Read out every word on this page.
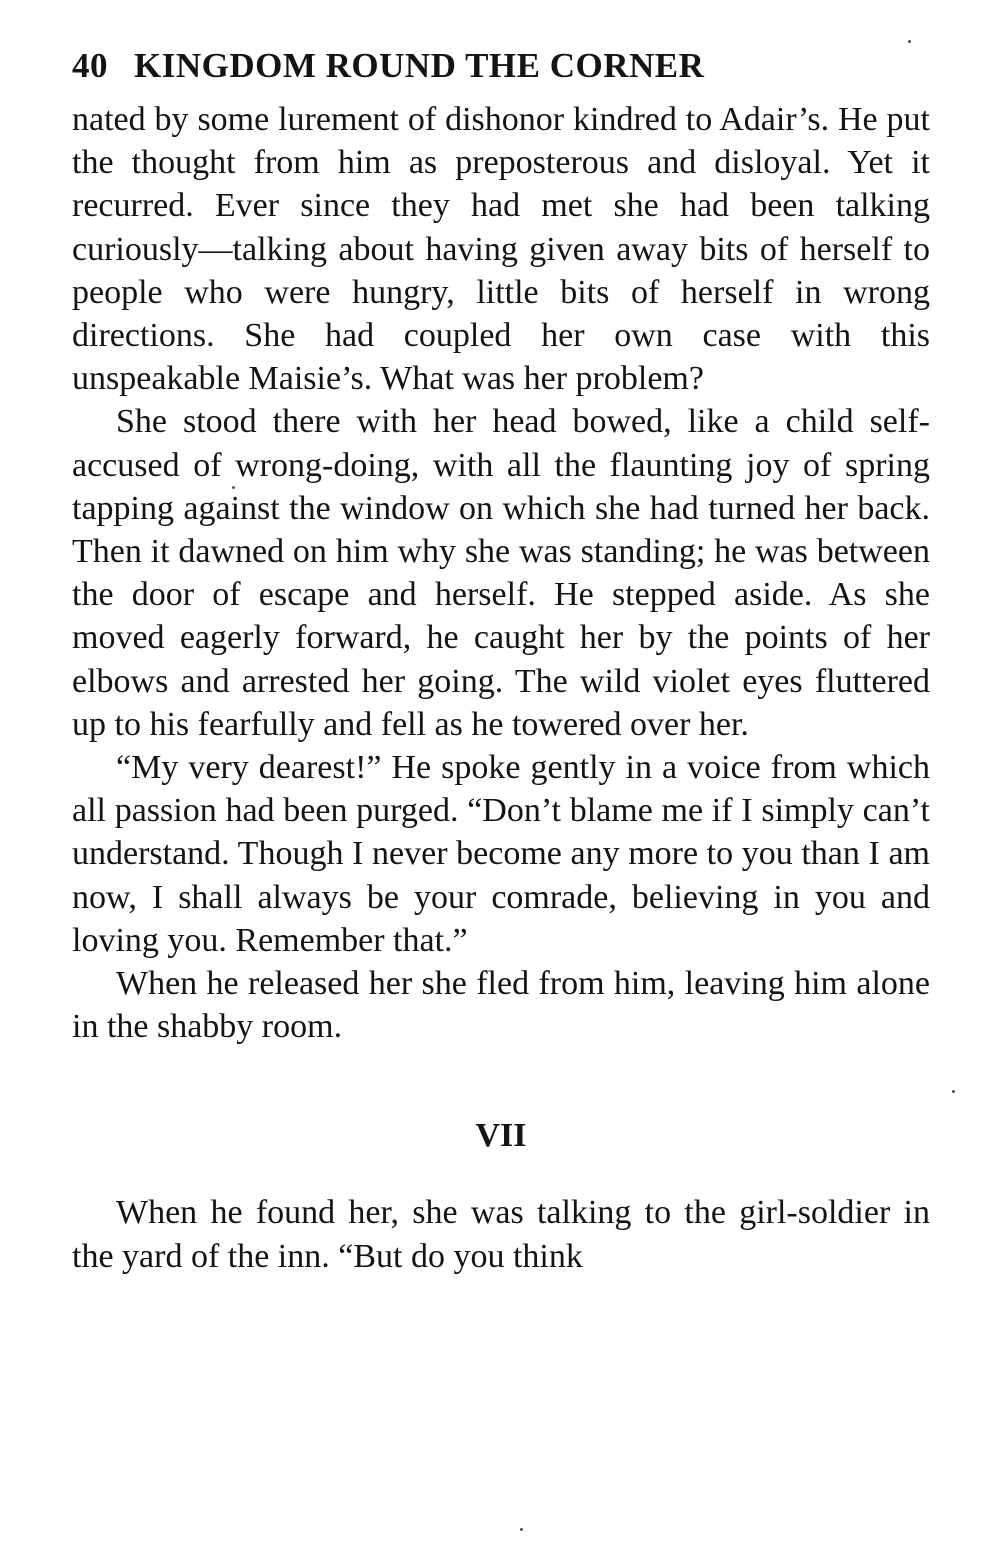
40 KINGDOM ROUND THE CORNER

nated by some lurement of dishonor kindred to Adair’s. He put the thought from him as preposterous and disloyal. Yet it recurred. Ever since they had met she had been talking curiously—talking about having given away bits of herself to people who were hungry, little bits of herself in wrong directions. She had coupled her own case with this unspeakable Maisie’s. What was her problem?

She stood there with her head bowed, like a child self-accused of wrong-doing, with all the flaunting joy of spring tapping against the window on which she had turned her back. Then it dawned on him why she was standing; he was between the door of escape and herself. He stepped aside. As she moved eagerly forward, he caught her by the points of her elbows and arrested her going. The wild violet eyes fluttered up to his fearfully and fell as he towered over her.

“My very dearest!” He spoke gently in a voice from which all passion had been purged. “Don’t blame me if I simply can’t understand. Though I never become any more to you than I am now, I shall always be your comrade, believing in you and loving you. Remember that.”

When he released her she fled from him, leaving him alone in the shabby room.

VII

When he found her, she was talking to the girl-soldier in the yard of the inn. “But do you think
